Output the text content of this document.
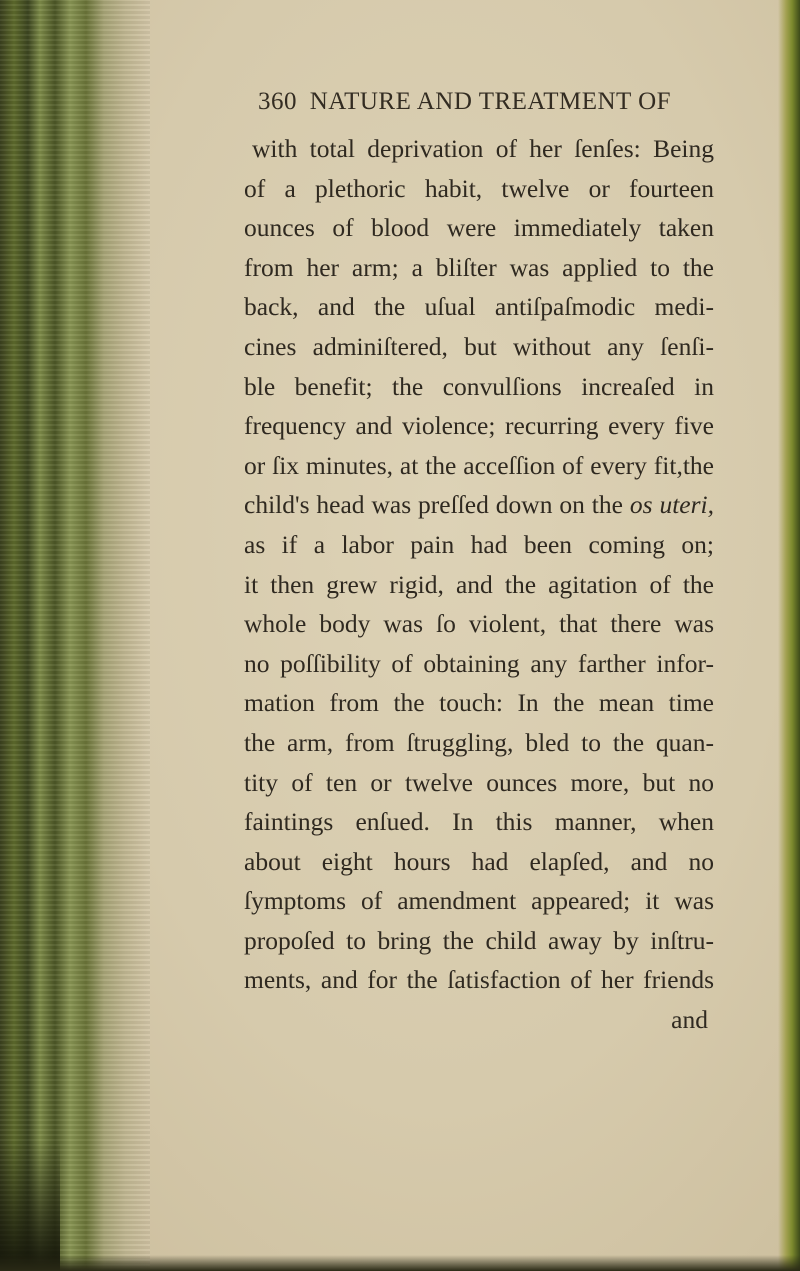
360 NATURE AND TREATMENT OF
with total deprivation of her ſenſes: Being
of a plethoric habit, twelve or fourteen
ounces of blood were immediately taken
from her arm; a bliſter was applied to the
back, and the uſual antiſpaſmodic medi-
cines adminiſtered, but without any ſenſi-
ble benefit; the convulſions increaſed in
frequency and violence; recurring every five
or ſix minutes, at the acceſſion of every fit,the
child's head was preſſed down on the os uteri,
as if a labor pain had been coming on;
it then grew rigid, and the agitation of the
whole body was ſo violent, that there was
no poſſibility of obtaining any farther infor-
mation from the touch: In the mean time
the arm, from ſtruggling, bled to the quan-
tity of ten or twelve ounces more, but no
faintings enſued. In this manner, when
about eight hours had elapſed, and no
ſymptoms of amendment appeared; it was
propoſed to bring the child away by inſtru-
ments, and for the ſatisfaction of her friends
and
